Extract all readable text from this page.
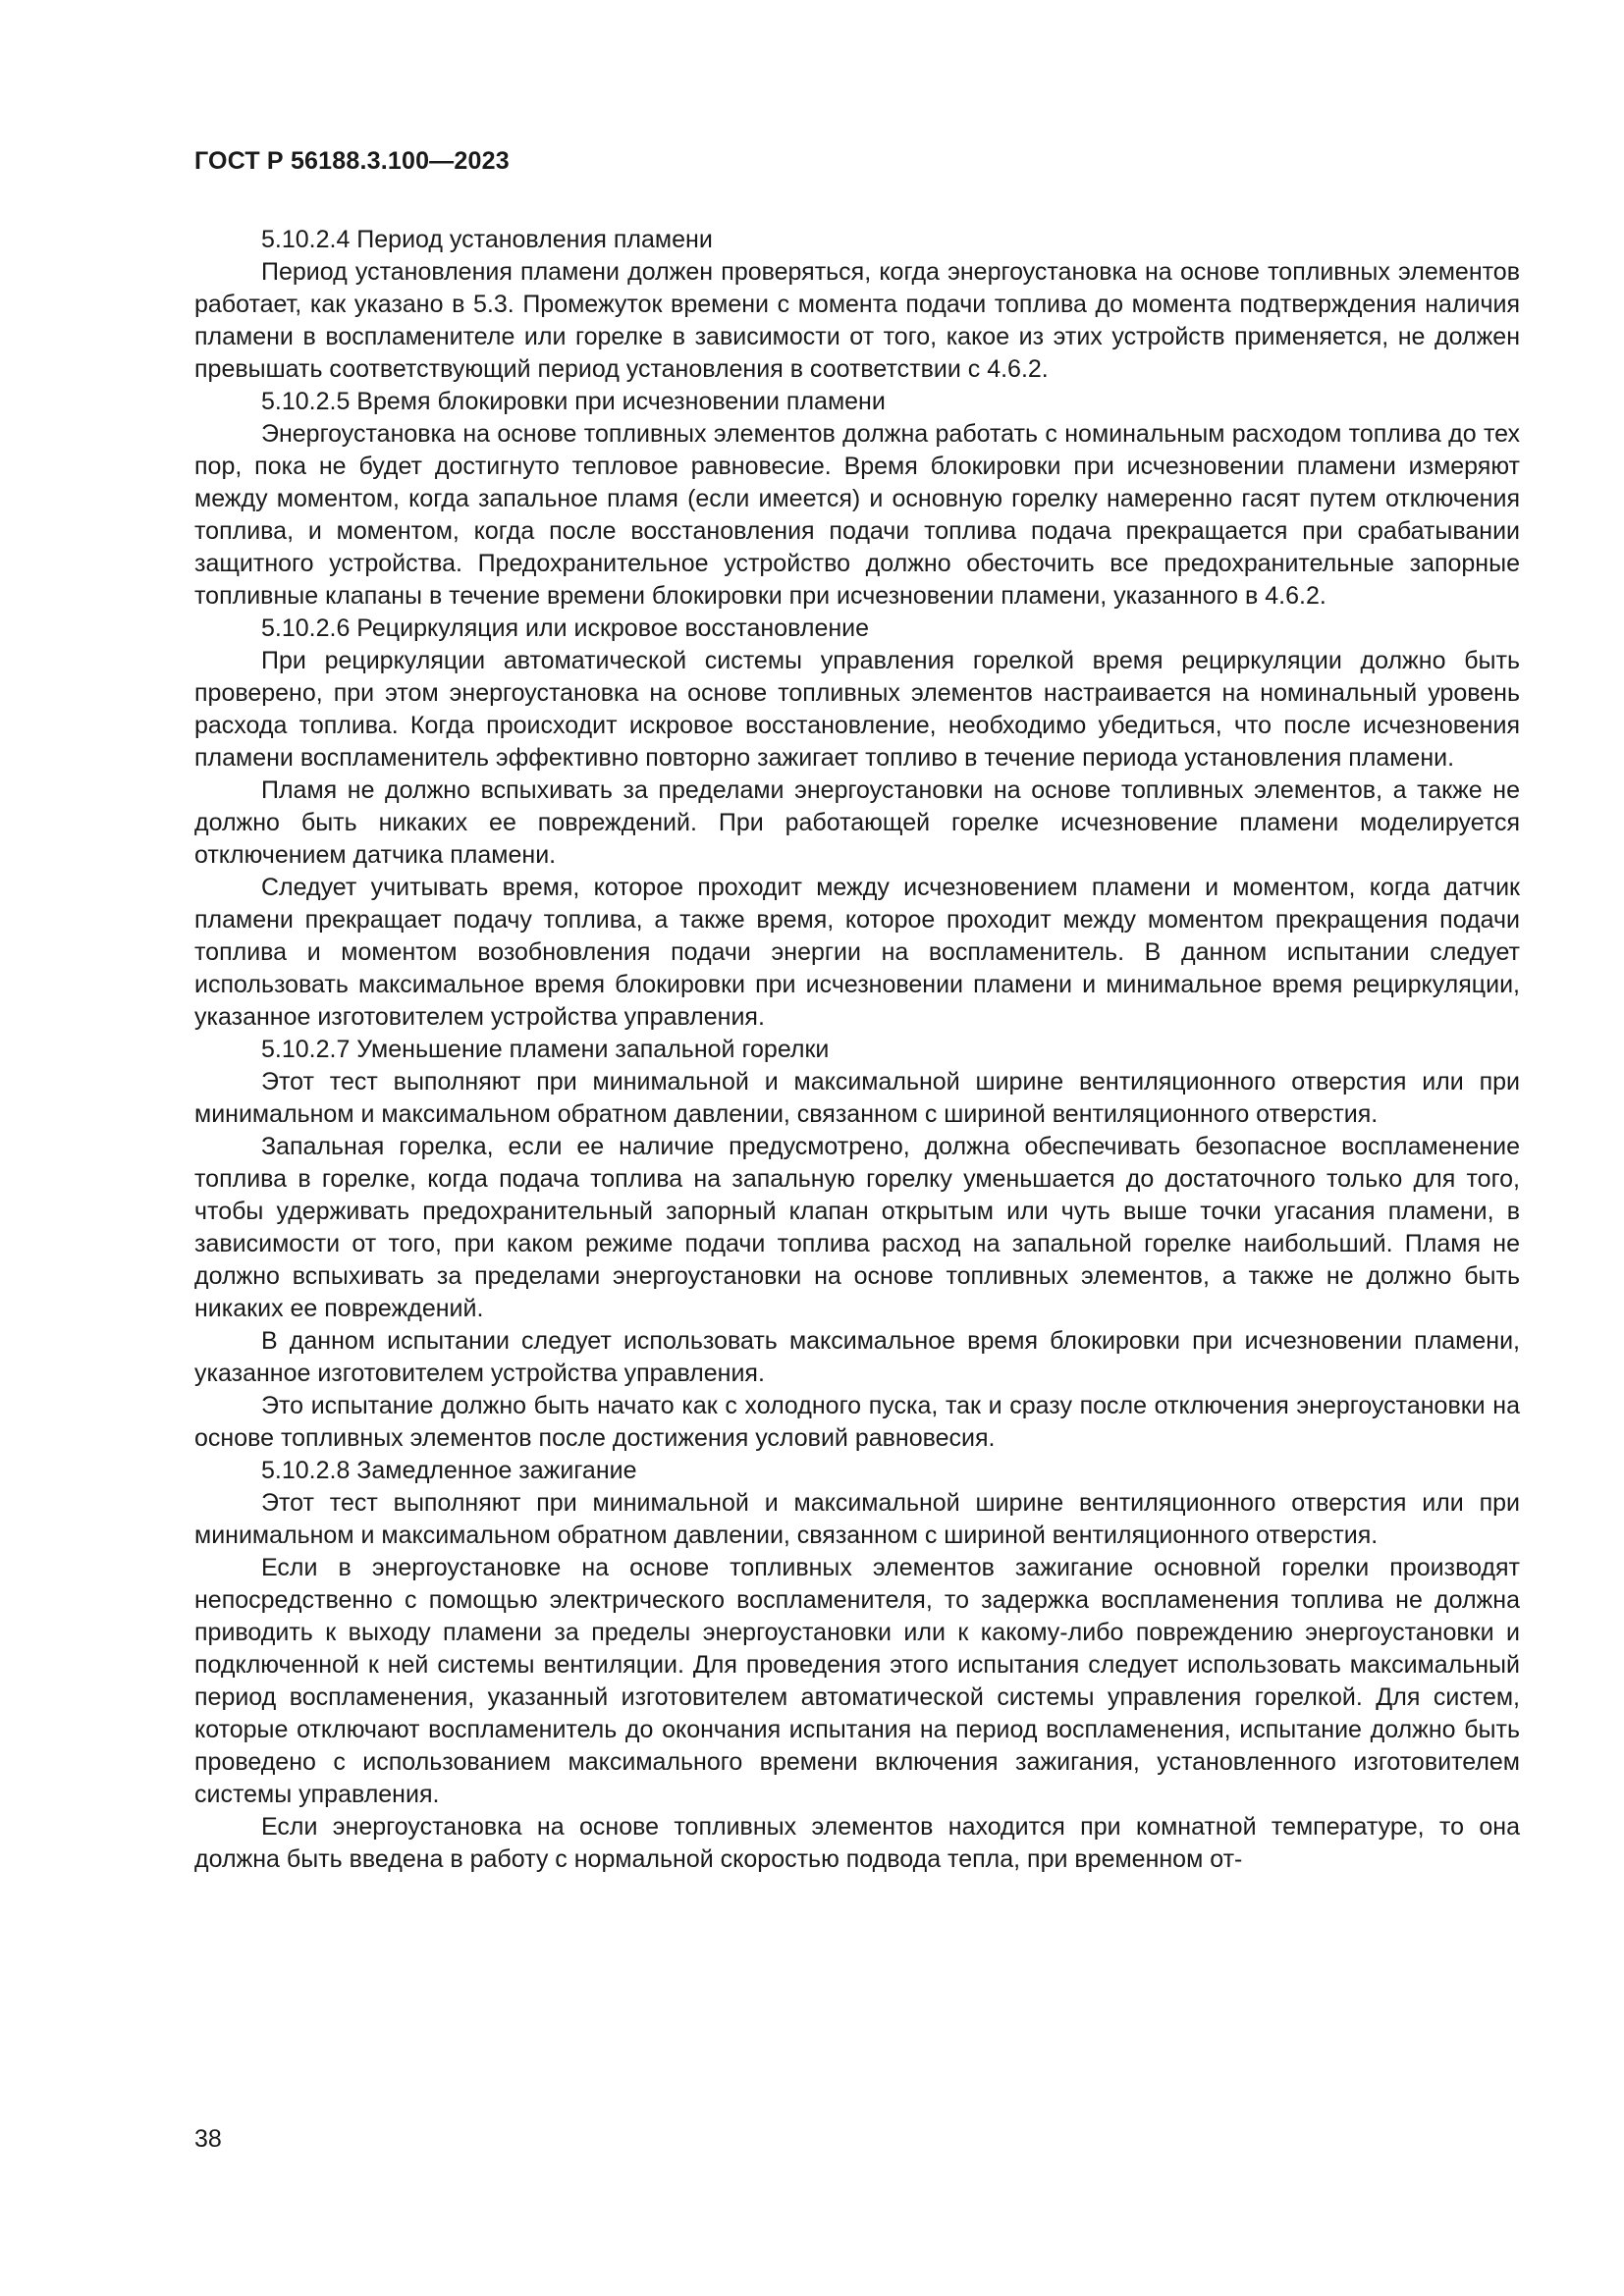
ГОСТ Р 56188.3.100—2023

5.10.2.4 Период установления пламени

Период установления пламени должен проверяться, когда энергоустановка на основе топливных элементов работает, как указано в 5.3. Промежуток времени с момента подачи топлива до момента подтверждения наличия пламени в воспламенителе или горелке в зависимости от того, какое из этих устройств применяется, не должен превышать соответствующий период установления в соответствии с 4.6.2.

5.10.2.5 Время блокировки при исчезновении пламени

Энергоустановка на основе топливных элементов должна работать с номинальным расходом топлива до тех пор, пока не будет достигнуто тепловое равновесие. Время блокировки при исчезновении пламени измеряют между моментом, когда запальное пламя (если имеется) и основную горелку намеренно гасят путем отключения топлива, и моментом, когда после восстановления подачи топлива подача прекращается при срабатывании защитного устройства. Предохранительное устройство должно обесточить все предохранительные запорные топливные клапаны в течение времени блокировки при исчезновении пламени, указанного в 4.6.2.

5.10.2.6 Рециркуляция или искровое восстановление

При рециркуляции автоматической системы управления горелкой время рециркуляции должно быть проверено, при этом энергоустановка на основе топливных элементов настраивается на номинальный уровень расхода топлива. Когда происходит искровое восстановление, необходимо убедиться, что после исчезновения пламени воспламенитель эффективно повторно зажигает топливо в течение периода установления пламени.

Пламя не должно вспыхивать за пределами энергоустановки на основе топливных элементов, а также не должно быть никаких ее повреждений. При работающей горелке исчезновение пламени моделируется отключением датчика пламени.

Следует учитывать время, которое проходит между исчезновением пламени и моментом, когда датчик пламени прекращает подачу топлива, а также время, которое проходит между моментом прекращения подачи топлива и моментом возобновления подачи энергии на воспламенитель. В данном испытании следует использовать максимальное время блокировки при исчезновении пламени и минимальное время рециркуляции, указанное изготовителем устройства управления.

5.10.2.7 Уменьшение пламени запальной горелки

Этот тест выполняют при минимальной и максимальной ширине вентиляционного отверстия или при минимальном и максимальном обратном давлении, связанном с шириной вентиляционного отверстия.

Запальная горелка, если ее наличие предусмотрено, должна обеспечивать безопасное воспламенение топлива в горелке, когда подача топлива на запальную горелку уменьшается до достаточного только для того, чтобы удерживать предохранительный запорный клапан открытым или чуть выше точки угасания пламени, в зависимости от того, при каком режиме подачи топлива расход на запальной горелке наибольший. Пламя не должно вспыхивать за пределами энергоустановки на основе топливных элементов, а также не должно быть никаких ее повреждений.

В данном испытании следует использовать максимальное время блокировки при исчезновении пламени, указанное изготовителем устройства управления.

Это испытание должно быть начато как с холодного пуска, так и сразу после отключения энергоустановки на основе топливных элементов после достижения условий равновесия.

5.10.2.8 Замедленное зажигание

Этот тест выполняют при минимальной и максимальной ширине вентиляционного отверстия или при минимальном и максимальном обратном давлении, связанном с шириной вентиляционного отверстия.

Если в энергоустановке на основе топливных элементов зажигание основной горелки производят непосредственно с помощью электрического воспламенителя, то задержка воспламенения топлива не должна приводить к выходу пламени за пределы энергоустановки или к какому-либо повреждению энергоустановки и подключенной к ней системы вентиляции. Для проведения этого испытания следует использовать максимальный период воспламенения, указанный изготовителем автоматической системы управления горелкой. Для систем, которые отключают воспламенитель до окончания испытания на период воспламенения, испытание должно быть проведено с использованием максимального времени включения зажигания, установленного изготовителем системы управления.

Если энергоустановка на основе топливных элементов находится при комнатной температуре, то она должна быть введена в работу с нормальной скоростью подвода тепла, при временном от-

38
